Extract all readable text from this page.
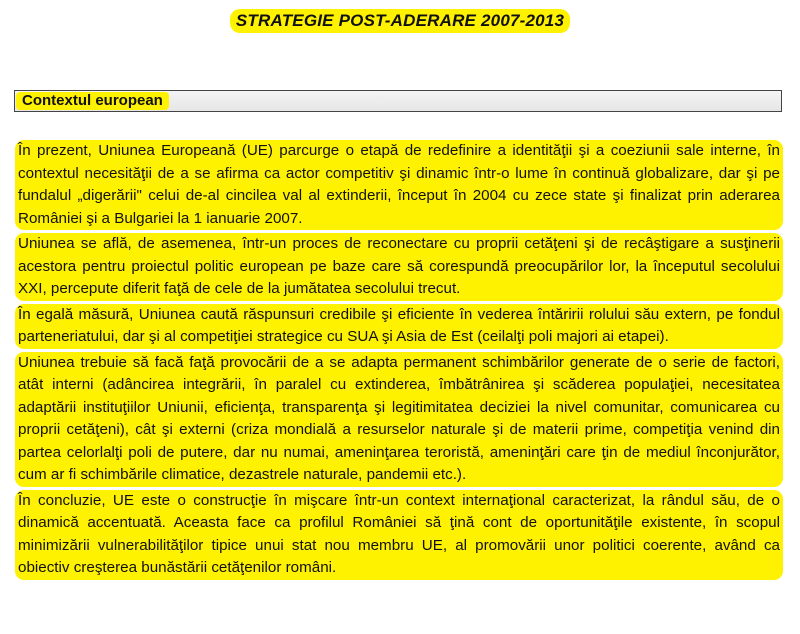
STRATEGIE POST-ADERARE 2007-2013
Contextul european

În prezent, Uniunea Europeană (UE) parcurge o etapă de redefinire a identităţii şi a coeziunii sale interne, în contextul necesităţii de a se afirma ca actor competitiv şi dinamic într-o lume în continuă globalizare, dar şi pe fundalul „digerării" celui de-al cincilea val al extinderii, început în 2004 cu zece state şi finalizat prin aderarea României şi a Bulgariei la 1 ianuarie 2007.

Uniunea se află, de asemenea, într-un proces de reconectare cu proprii cetăţeni şi de recâştigare a susţinerii acestora pentru proiectul politic european pe baze care să corespundă preocupărilor lor, la începutul secolului XXI, percepute diferit faţă de cele de la jumătatea secolului trecut.

În egală măsură, Uniunea caută răspunsuri credibile şi eficiente în vederea întăririi rolului său extern, pe fondul parteneriatului, dar şi al competiţiei strategice cu SUA şi Asia de Est (ceilalţi poli majori ai etapei).

Uniunea trebuie să facă faţă provocării de a se adapta permanent schimbărilor generate de o serie de factori, atât interni (adâncirea integrării, în paralel cu extinderea, îmbătrânirea şi scăderea populaţiei, necesitatea adaptării instituţiilor Uniunii, eficienţa, transparenţa şi legitimitatea deciziei la nivel comunitar, comunicarea cu proprii cetăţeni), cât şi externi (criza mondială a resurselor naturale şi de materii prime, competiţia venind din partea celorlalţi poli de putere, dar nu numai, ameninţarea teroristă, ameninţări care ţin de mediul înconjurător, cum ar fi schimbările climatice, dezastrele naturale, pandemii etc.).

În concluzie, UE este o construcţie în mişcare într-un context internaţional caracterizat, la rândul său, de o dinamică accentuată. Aceasta face ca profilul României să ţină cont de oportunităţile existente, în scopul minimizării vulnerabilităţilor tipice unui stat nou membru UE, al promovării unor politici coerente, având ca obiectiv creşterea bunăstării cetăţenilor români.
